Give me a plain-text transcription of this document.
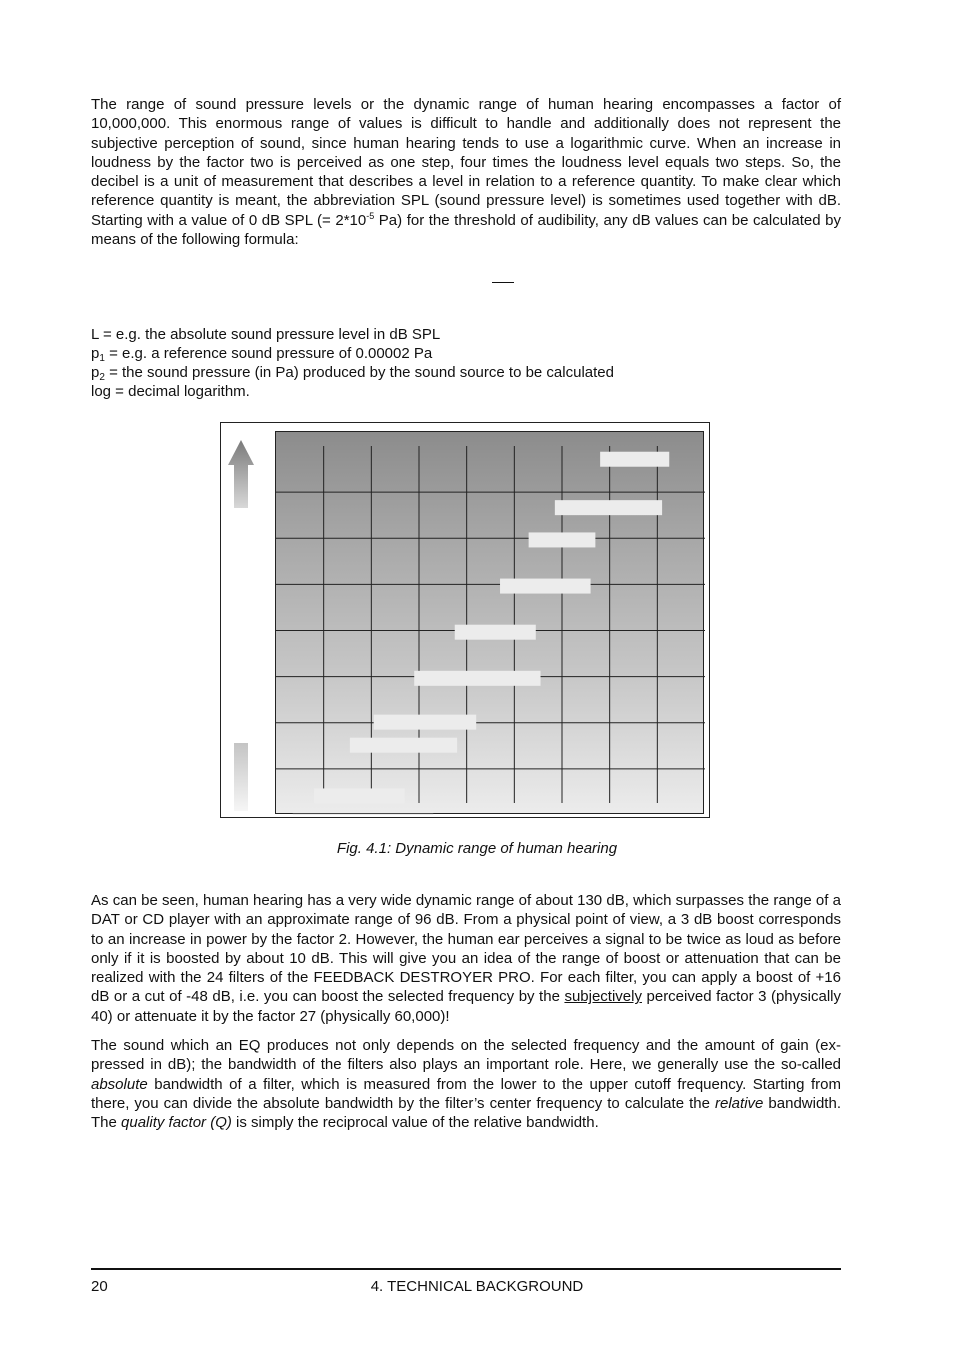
The range of sound pressure levels or the dynamic range of human hearing encompasses a factor of 10,000,000. This enormous range of values is difficult to handle and additionally does not represent the subjective perception of sound, since human hearing tends to use a logarithmic curve. When an increase in loudness by the factor two is perceived as one step, four times the loudness level equals two steps. So, the decibel is a unit of measurement that describes a level in relation to a reference quantity. To make clear which reference quantity is meant, the abbreviation SPL (sound pressure level) is sometimes used together with dB. Starting with a value of 0 dB SPL (= $2*10^{-5}$ Pa) for the threshold of audibility, any dB values can be calculated by means of the following formula:

L = e.g. the absolute sound pressure level in dB SPL

$p_1 = e.g$. a reference sound pressure of 0.00002 Pa

$p_2$ = the sound pressure (in Pa) produced by the sound source to be calculated

log = decimal logarithm.

Fig. 4.1: Dynamic range of human hearing

As can be seen, human hearing has a very wide dynamic range of about 130 dB, which surpasses the range of a DAT or CD player with an approximate range of 96 dB. From a physical point of view, a 3 dB boost corresponds to an increase in power by the factor 2. However, the human ear perceives a signal to be twice as loud as before only if it is boosted by about 10 dB. This will give you an idea of the range of boost or attenuation that can be realized with the 24 filters of the FEEDBACK DESTROYER PRO. For each filter, you can apply a boost of +16 dB or a cut of -48 dB, i.e. you can boost the selected frequency by the subjectively perceived factor 3 (physically 40) or attenuate it by the factor 27 (physically 60,000)!

The sound which an EQ produces not only depends on the selected frequency and the amount of gain (ex-pressed in dB); the bandwidth of the filters also plays an important role. Here, we generally use the so-called absolute bandwidth of a filter, which is measured from the lower to the upper cutoff frequency. Starting from there, you can divide the absolute bandwidth by the filter’s center frequency to calculate the relative bandwidth. The quality factor (Q) is simply the reciprocal value of the relative bandwidth.

20	4. TECHNICAL BACKGROUND
